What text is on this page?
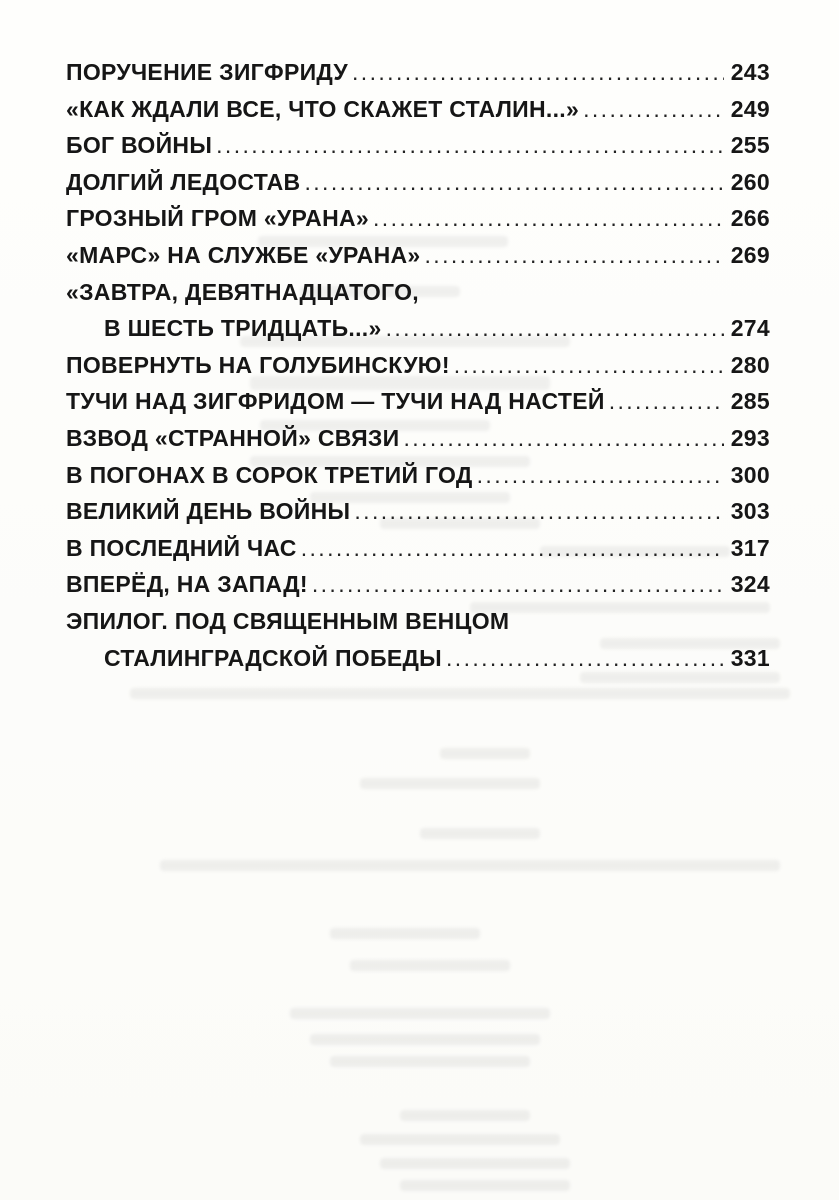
ПОРУЧЕНИЕ ЗИГФРИДУ .....	243
«КАК ЖДАЛИ ВСЕ, ЧТО СКАЖЕТ СТАЛИН...» .....	249
БОГ ВОЙНЫ .....	255
ДОЛГИЙ ЛЕДОСТАВ .....	260
ГРОЗНЫЙ ГРОМ «УРАНА» .....	266
«МАРС» НА СЛУЖБЕ «УРАНА» .....	269
«ЗАВТРА, ДЕВЯТНАДЦАТОГО,
В ШЕСТЬ ТРИДЦАТЬ...» .....	274
ПОВЕРНУТЬ НА ГОЛУБИНСКУЮ! .....	280
ТУЧИ НАД ЗИГФРИДОМ — ТУЧИ НАД НАСТЕЙ .....	285
ВЗВОД «СТРАННОЙ» СВЯЗИ .....	293
В ПОГОНАХ В СОРОК ТРЕТИЙ ГОД .....	300
ВЕЛИКИЙ ДЕНЬ ВОЙНЫ .....	303
В ПОСЛЕДНИЙ ЧАС .....	317
ВПЕРЁД, НА ЗАПАД! .....	324
ЭПИЛОГ. ПОД СВЯЩЕННЫМ ВЕНЦОМ
СТАЛИНГРАДСКОЙ ПОБЕДЫ .....	331
